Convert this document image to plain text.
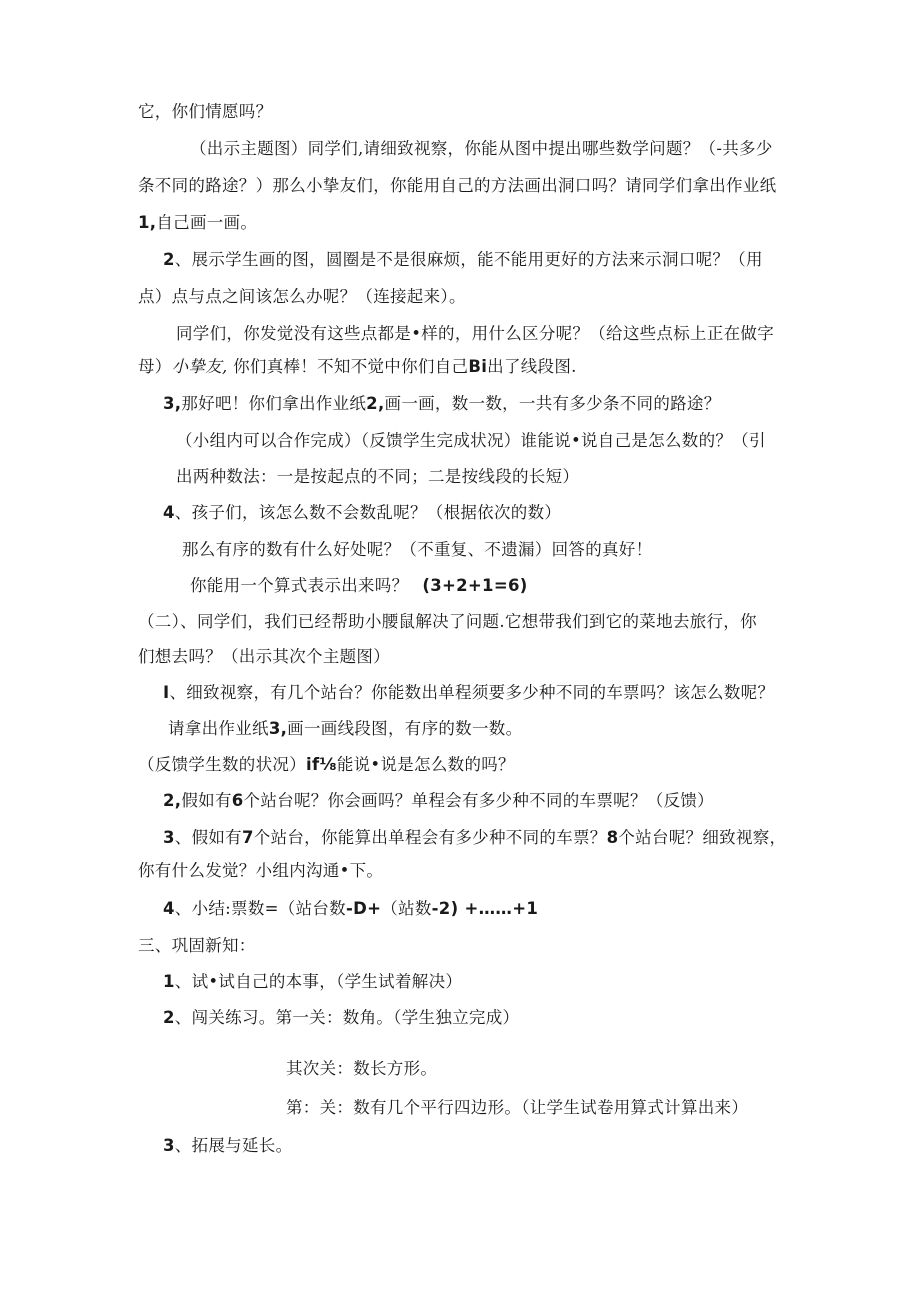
它，你们情愿吗？
（出示主题图）同学们,请细致视察，你能从图中提出哪些数学问题？（-共多少
条不同的路途？）那么小挚友们，你能用自己的方法画出洞口吗？请同学们拿出作业纸
1,自己画一画。
2、展示学生画的图，圆圈是不是很麻烦，能不能用更好的方法来示洞口呢？（用
点）点与点之间该怎么办呢？（连接起来）。
同学们，你发觉没有这些点都是•样的，用什么区分呢？（给这些点标上正在做字
母）小挚友, 你们真棒！不知不觉中你们自己Bi出了线段图.
3,那好吧！你们拿出作业纸2,画一画，数一数，一共有多少条不同的路途？
（小组内可以合作完成）（反馈学生完成状况）谁能说•说自己是怎么数的？（引
出两种数法：一是按起点的不同；二是按线段的长短）
4、孩子们，该怎么数不会数乱呢？（根据依次的数）
那么有序的数有什么好处呢？（不重复、不遗漏）回答的真好！
你能用一个算式表示出来吗？ (3+2+1=6)
（二）、同学们，我们已经帮助小腰鼠解决了问题.它想带我们到它的菜地去旅行，你
们想去吗？（出示其次个主题图）
I、细致视察，有几个站台？你能数出单程须要多少种不同的车票吗？该怎么数呢？
请拿出作业纸3,画一画线段图，有序的数一数。
（反馈学生数的状况）if⅛能说•说是怎么数的吗？
2,假如有6个站台呢？你会画吗？单程会有多少种不同的车票呢？（反馈）
3、假如有7个站台，你能算出单程会有多少种不同的车票？8个站台呢？细致视察，
你有什么发觉？小组内沟通•下。
4、小结:票数=（站台数-D+（站数-2) +……+1
三、巩固新知：
1、试•试自己的本事，（学生试着解决）
2、闯关练习。第一关：数角。（学生独立完成）
其次关：数长方形。
第：关：数有几个平行四边形。（让学生试卷用算式计算出来）
3、拓展与延长。
